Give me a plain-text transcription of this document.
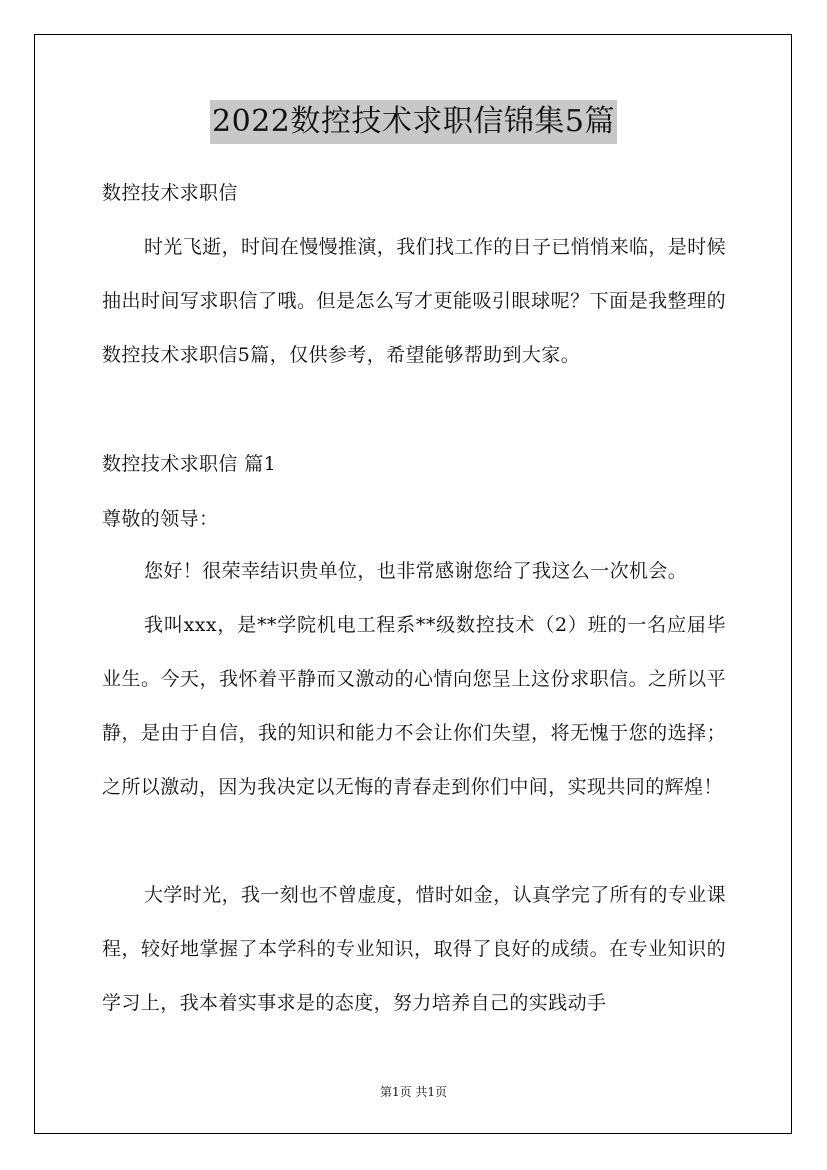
2022数控技术求职信锦集5篇
数控技术求职信
时光飞逝，时间在慢慢推演，我们找工作的日子已悄悄来临，是时候抽出时间写求职信了哦。但是怎么写才更能吸引眼球呢？下面是我整理的数控技术求职信5篇，仅供参考，希望能够帮助到大家。
数控技术求职信 篇1
尊敬的领导：
您好！很荣幸结识贵单位，也非常感谢您给了我这么一次机会。
我叫xxx，是**学院机电工程系**级数控技术（2）班的一名应届毕业生。今天，我怀着平静而又激动的心情向您呈上这份求职信。之所以平静，是由于自信，我的知识和能力不会让你们失望，将无愧于您的选择；之所以激动，因为我决定以无悔的青春走到你们中间，实现共同的辉煌！
大学时光，我一刻也不曾虚度，惜时如金，认真学完了所有的专业课程，较好地掌握了本学科的专业知识，取得了良好的成绩。在专业知识的学习上，我本着实事求是的态度，努力培养自己的实践动手
第1页 共1页
